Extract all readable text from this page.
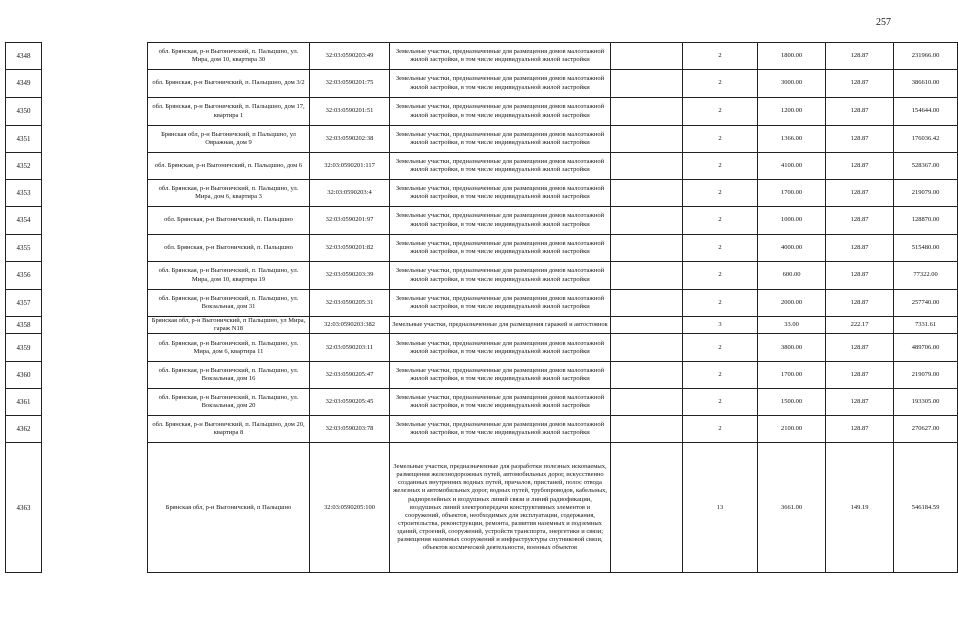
257
4348		обл. Брянская, р-н Выгоничский, п. Пальцшно, ул. Мира, дом 10, квартира 30	32:03:0590203:49	Земельные участки, предназначенные для размещения домов малоэтажной жилой застройки, в том числе индивидуальной жилой застройки		2	1800.00	128.87	231966.00
4349		обл. Брянская, р-н Выгоничский, п. Пальцшно, дом 3/2	32:03:0590201:75	Земельные участки, предназначенные для размещения домов малоэтажной жилой застройки, в том числе индивидуальной жилой застройки		2	3000.00	128.87	386610.00
4350		обл. Брянская, р-н Выгоничский, п. Пальцшно, дом 17, квартира 1	32:03:0590201:51	Земельные участки, предназначенные для размещения домов малоэтажной жилой застройки, в том числе индивидуальной жилой застройки		2	1200.00	128.87	154644.00
4351		Брянская обл, р-н Выгоничский, п Пальцшно, ул Овражная, дом 9	32:03:0590202:38	Земельные участки, предназначенные для размещения домов малоэтажной жилой застройки, в том числе индивидуальной жилой застройки		2	1366.00	128.87	176036.42
4352		обл. Брянская, р-н Выгоничский, п. Пальцшно, дом 6	32:03:0590201:117	Земельные участки, предназначенные для размещения домов малоэтажной жилой застройки, в том числе индивидуальной жилой застройки		2	4100.00	128.87	528367.00
4353		обл. Брянская, р-н Выгоничский, п. Пальцшно, ул. Мира, дом 6, квартира 3	32:03:0590203:4	Земельные участки, предназначенные для размещения домов малоэтажной жилой застройки, в том числе индивидуальной жилой застройки		2	1700.00	128.87	219079.00
4354		обл. Брянская, р-н Выгоничский, п. Пальцшно	32:03:0590201:97	Земельные участки, предназначенные для размещения домов малоэтажной жилой застройки, в том числе индивидуальной жилой застройки		2	1000.00	128.87	128870.00
4355		обл. Брянская, р-н Выгоничский, п. Пальцшно	32:03:0590201:82	Земельные участки, предназначенные для размещения домов малоэтажной жилой застройки, в том числе индивидуальной жилой застройки		2	4000.00	128.87	515480.00
4356		обл. Брянская, р-н Выгоничский, п. Пальцшно, ул. Мира, дом 10, квартира 19	32:03:0590203:39	Земельные участки, предназначенные для размещения домов малоэтажной жилой застройки, в том числе индивидуальной жилой застройки		2	600.00	128.87	77322.00
4357		обл. Брянская, р-н Выгоничский, п. Пальцшно, ул. Вокзальная, дом 31	32:03:0590205:31	Земельные участки, предназначенные для размещения домов малоэтажной жилой застройки, в том числе индивидуальной жилой застройки		2	2000.00	128.87	257740.00
4358		Брянская обл, р-н Выгоничский, п Пальцшно, ул Мира, гараж N18	32:03:0590203:382	Земельные участки, предназначенные для размещения гаражей и автостоянок		3	33.00	222.17	7331.61
4359		обл. Брянская, р-н Выгоничский, п. Пальцшно, ул. Мира, дом 6, квартира 11	32:03:0590203:11	Земельные участки, предназначенные для размещения домов малоэтажной жилой застройки, в том числе индивидуальной жилой застройки		2	3800.00	128.87	489706.00
4360		обл. Брянская, р-н Выгоничский, п. Пальцшно, ул. Вокзальная, дом 16	32:03:0590205:47	Земельные участки, предназначенные для размещения домов малоэтажной жилой застройки, в том числе индивидуальной жилой застройки		2	1700.00	128.87	219079.00
4361		обл. Брянская, р-н Выгоничский, п. Пальцшно, ул. Вокзальная, дом 20	32:03:0590205:45	Земельные участки, предназначенные для размещения домов малоэтажной жилой застройки, в том числе индивидуальной жилой застройки		2	1500.00	128.87	193305.00
4362		обл. Брянская, р-н Выгоничский, п. Пальцшно, дом 20, квартира 8	32:03:0590203:78	Земельные участки, предназначенные для размещения домов малоэтажной жилой застройки, в том числе индивидуальной жилой застройки		2	2100.00	128.87	270627.00
4363		Брянская обл, р-н Выгоничский, п Пальцшно	32:03:0590205:100	Земельные участки, предназначенные для разработки полезных ископаемых, размещения железнодорожных путей, автомобильных дорог, искусственно созданных внутренних водных путей, причалов, пристаней, полос отвода железных и автомобильных дорог, водных путей, трубопроводов, кабельных, радиорелейных и воздушных линий связи и линий радиофикации, воздушных линий электропередачи конструктивных элементов и сооружений, объектов, необходимых для эксплуатации, содержания, строительства, реконструкции, ремонта, развития наземных и подземных зданий, строений, сооружений, устройств транспорта, энергетики и связи; размещения наземных сооружений и инфраструктуры спутниковой связи, объектов космической деятельности, военных объектов		13	3661.00	149.19	546184.59
